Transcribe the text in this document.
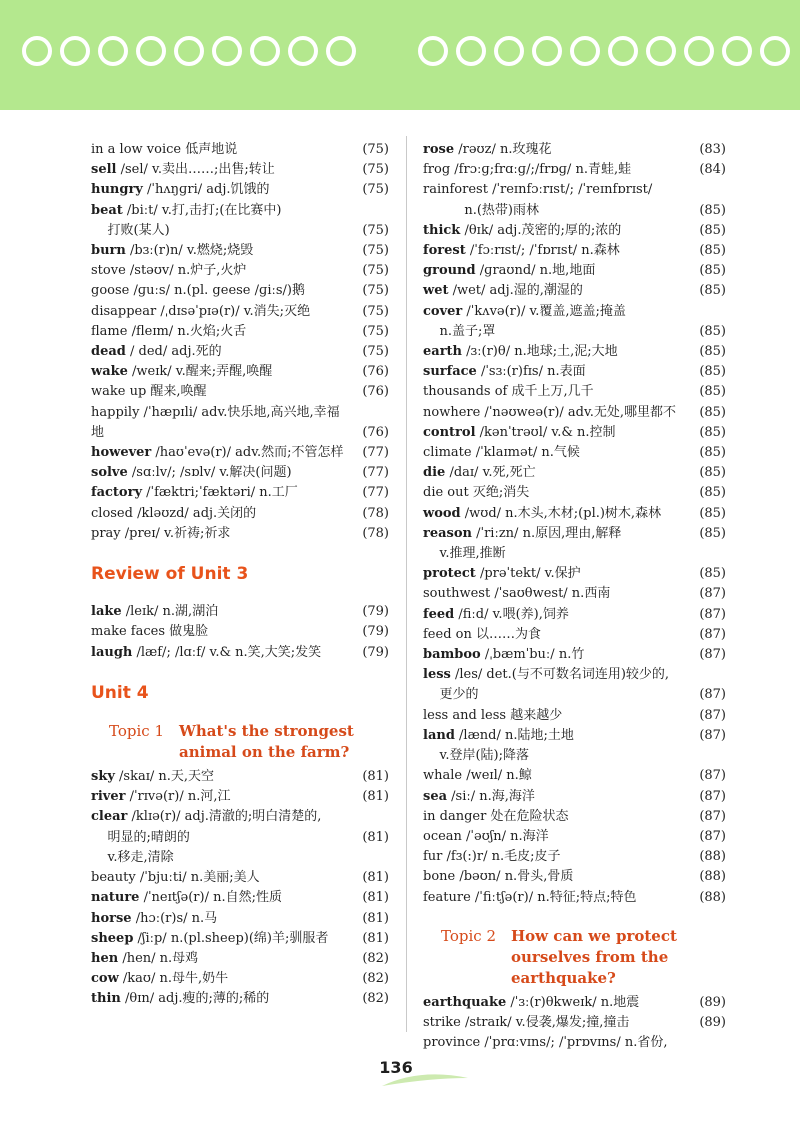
in a low voice 低声地说	(75)
sell /sel/ v.卖出……;出售;转让	(75)
hungry /ˈhʌŋɡri/ adj.饥饿的	(75)
beat /biːt/ v.打,击打;(在比赛中)
打败(某人)	(75)
burn /bɜː(r)n/ v.燃烧;烧毁	(75)
stove /stəʊv/ n.炉子,火炉	(75)
goose /ɡuːs/ n.(pl. geese /ɡiːs/)鹅	(75)
disappear /ˌdɪsəˈpɪə(r)/ v.消失;灭绝	(75)
flame /fleɪm/ n.火焰;火舌	(75)
dead / ded/ adj.死的	(75)
wake /weɪk/ v.醒来;弄醒,唤醒	(76)
wake up 醒来,唤醒	(76)
happily /ˈhæpɪli/ adv.快乐地,高兴地,幸福地	(76)
however /haʊˈevə(r)/ adv.然而;不管怎样 (77)
solve /sɑːlv/; /sɒlv/ v.解决(问题)	(77)
factory /ˈfæktri;ˈfæktəri/ n.工厂	(77)
closed /kləʊzd/ adj.关闭的	(78)
pray /preɪ/ v.祈祷;祈求	(78)
Review of Unit 3
lake /leɪk/ n.湖,湖泊	(79)
make faces 做鬼脸	(79)
laugh /læf/; /lɑːf/ v.& n.笑,大笑;发笑	(79)
Unit 4
Topic 1	What's the strongest animal on the farm?
sky /skaɪ/ n.天,天空	(81)
river /ˈrɪvə(r)/ n.河,江	(81)
clear /klɪə(r)/ adj.清澈的;明白清楚的,
明显的;晴朗的	(81)
v.移走,清除
beauty /ˈbjuːti/ n.美丽;美人	(81)
nature /ˈneɪtʃə(r)/ n.自然;性质	(81)
horse /hɔː(r)s/ n.马	(81)
sheep /ʃiːp/ n.(pl.sheep)(绵)羊;驯服者	(81)
hen /hen/ n.母鸡	(82)
cow /kaʊ/ n.母牛,奶牛	(82)
thin /θɪn/ adj.瘦的;薄的;稀的	(82)
rose /rəʊz/ n.玫瑰花	(83)
frog /frɔːɡ;frɑːɡ/;/frɒɡ/ n.青蛙,蛙	(84)
rainforest /ˈreɪnfɔːrɪst/; /ˈreɪnfɒrɪst/
n.(热带)雨林	(85)
thick /θɪk/ adj.茂密的;厚的;浓的	(85)
forest /ˈfɔːrɪst/; /ˈfɒrɪst/ n.森林	(85)
ground /ɡraʊnd/ n.地,地面	(85)
wet /wet/ adj.湿的,潮湿的	(85)
cover /ˈkʌvə(r)/ v.覆盖,遮盖;掩盖
n.盖子;罩	(85)
earth /ɜː(r)θ/ n.地球;土,泥;大地	(85)
surface /ˈsɜː(r)fɪs/ n.表面	(85)
thousands of 成千上万,几千	(85)
nowhere /ˈnəʊweə(r)/ adv.无处,哪里都不 (85)
control /kənˈtrəʊl/ v.& n.控制	(85)
climate /ˈklaɪmət/ n.气候	(85)
die /daɪ/ v.死,死亡	(85)
die out 灭绝;消失	(85)
wood /wʊd/ n.木头,木材;(pl.)树木,森林	(85)
reason /ˈriːzn/ n.原因,理由,解释	(85)
v.推理,推断
protect /prəˈtekt/ v.保护	(85)
southwest /ˈsaʊθwest/ n.西南	(87)
feed /fiːd/ v.喂(养),饲养	(87)
feed on 以……为食	(87)
bamboo /ˌbæmˈbuː/ n.竹	(87)
less /les/ det.(与不可数名词连用)较少的,
更少的	(87)
less and less 越来越少	(87)
land /lænd/ n.陆地;土地	(87)
v.登岸(陆);降落
whale /weɪl/ n.鲸	(87)
sea /siː/ n.海,海洋	(87)
in danger 处在危险状态	(87)
ocean /ˈəʊʃn/ n.海洋	(87)
fur /fɜ(:)r/ n.毛皮;皮子	(88)
bone /bəʊn/ n.骨头,骨质	(88)
feature /ˈfiːtʃə(r)/ n.特征;特点;特色	(88)
Topic 2	How can we protect ourselves from the earthquake?
earthquake /ˈɜː(r)θkweɪk/ n.地震	(89)
strike /straɪk/ v.侵袭,爆发;撞,撞击	(89)
province /ˈprɑːvɪns/; /ˈprɒvɪns/ n.省份,
136
